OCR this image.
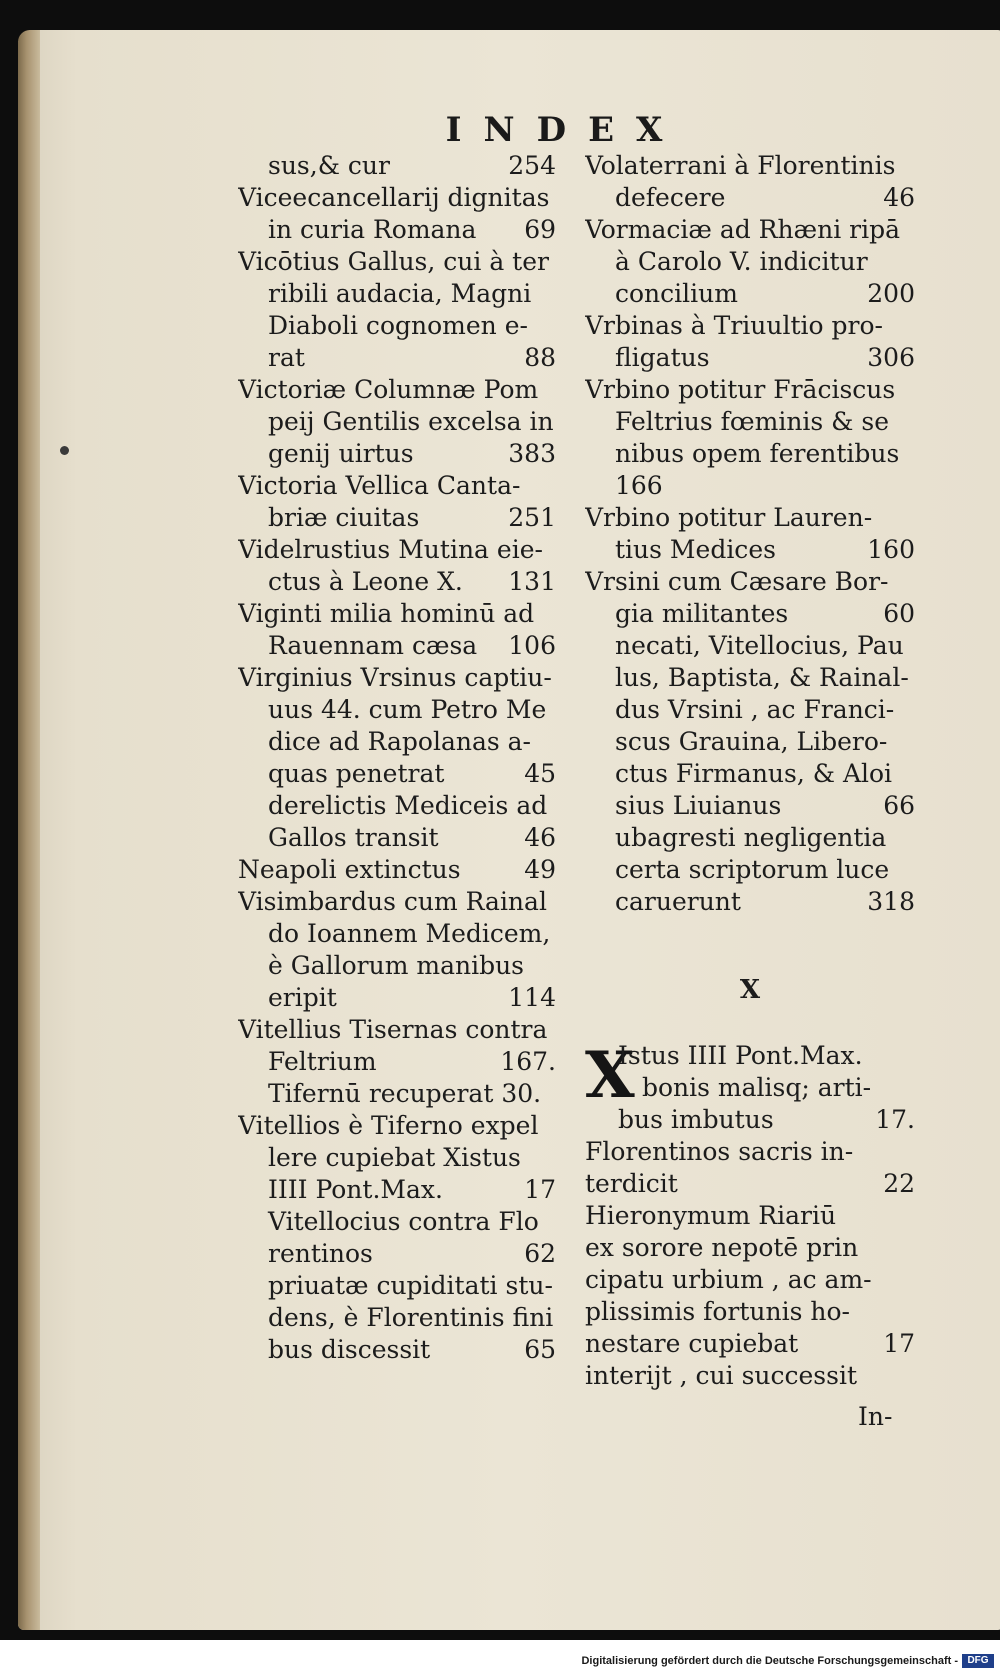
INDEX
sus,& cur	254
Viceecancellarij dignitas
in curia Romana 69
Vicōtius Gallus, cui à ter
ribili audacia, Magni
Diaboli cognomen e-
rat	88
Victoriæ Columnæ Pom
peij Gentilis excelsa in
genij uirtus	383
Victoria Vellica Canta-
briæ ciuitas	251
Videlrustius Mutina eie-
ctus à Leone X. 131
Viginti milia hominū ad
Rauennam cæsa 106
Virginius Vrsinus captiu-
uus 44. cum Petro Me
dice ad Rapolanas a-
quas penetrat	45
derelictis Mediceis ad
Gallos transit	46
Neapoli extinctus	49
Visimbardus cum Rainal
do Ioannem Medicem,
è Gallorum manibus
eripit	114
Vitellius Tisernas contra
Feltrium	167.
Tifernū recuperat 30.
Vitellios è Tiferno expel
lere cupiebat Xistus
IIII Pont.Max.	17
Vitellocius contra Flo
rentinos	62
priuatæ cupiditati stu-
dens, è Florentinis fini
bus discessit	65
Volaterrani à Florentinis
defecere	46
Vormaciæ ad Rhæni ripā
à Carolo V. indicitur
concilium	200
Vrbinas à Triuultio pro-
fligatus	306
Vrbino potitur Frāciscus
Feltrius fœminis & se
nibus opem ferentibus
166
Vrbino potitur Lauren-
tius Medices	160
Vrsini cum Cæsare Bor-
gia militantes	60
necati, Vitellocius, Pau
lus, Baptista, & Rainal-
dus Vrsini , ac Franci-
scus Grauina, Libero-
ctus Firmanus, & Aloi
sius Liuianus	66
ubagresti negligentia
certa scriptorum luce
caruerunt	318
X
X
Istus IIII Pont.Max.
bonis malisq; arti-
bus imbutus	17.
Florentinos sacris in-
terdicit	22
Hieronymum Riariū
ex sorore nepotē prin
cipatu urbium , ac am-
plissimis fortunis ho-
nestare cupiebat	17
interijt , cui successit
In-
Digitalisierung gefördert durch die Deutsche Forschungsgemeinschaft - DFG
